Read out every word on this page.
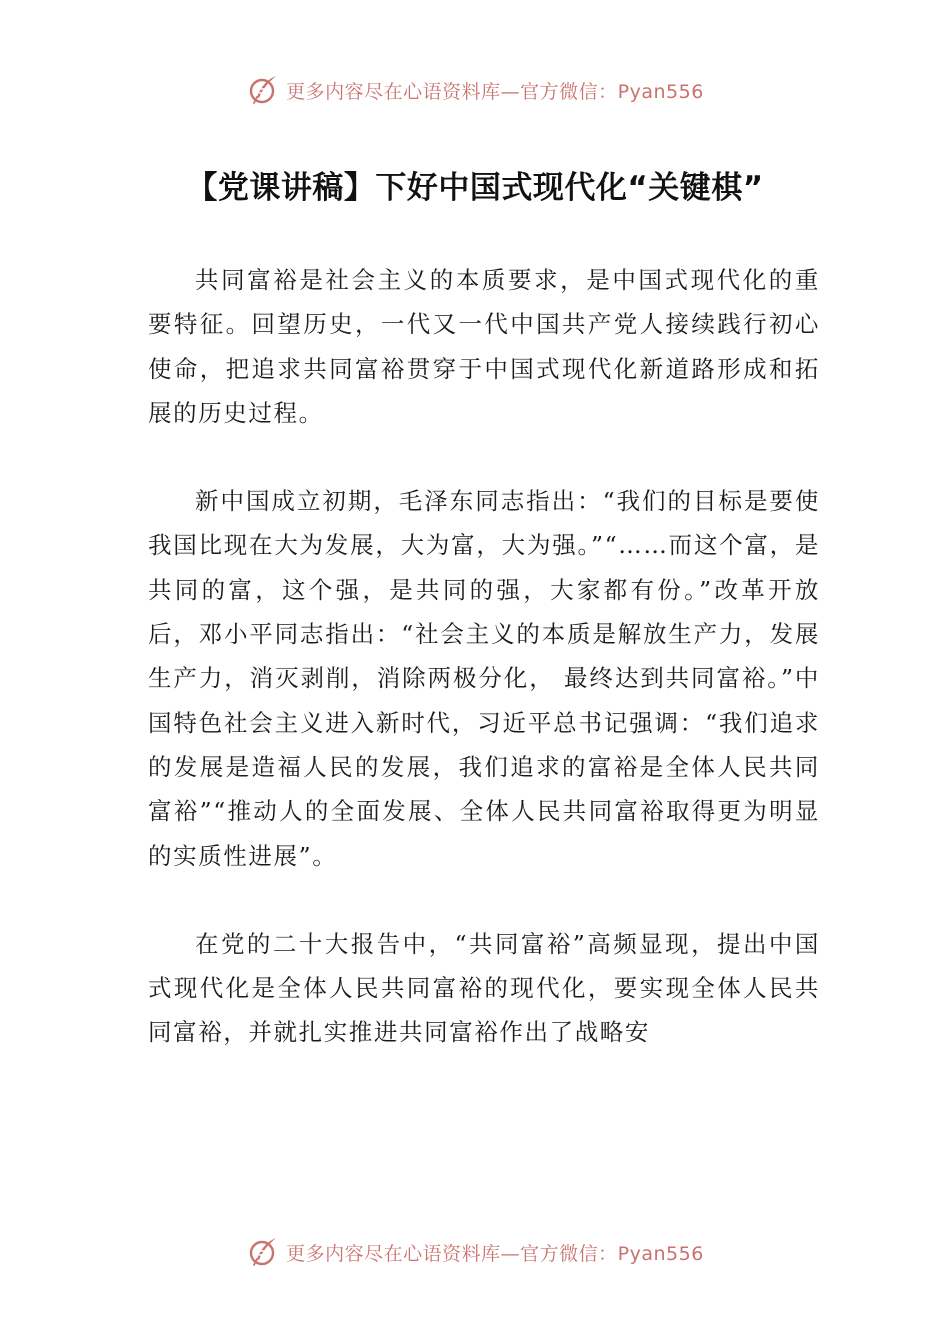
更多内容尽在心语资料库—官方微信：Pyan556
【党课讲稿】下好中国式现代化“关键棋”

共同富裕是社会主义的本质要求，是中国式现代化的重要特征。回望历史，一代又一代中国共产党人接续践行初心使命，把追求共同富裕贯穿于中国式现代化新道路形成和拓展的历史过程。

新中国成立初期，毛泽东同志指出：“我们的目标是要使我国比现在大为发展，大为富，大为强。”“……而这个富，是共同的富，这个强，是共同的强，大家都有份。”改革开放后，邓小平同志指出：“社会主义的本质是解放生产力，发展生产力，消灭剥削，消除两极分化， 最终达到共同富裕。”中国特色社会主义进入新时代，习近平总书记强调：“我们追求的发展是造福人民的发展，我们追求的富裕是全体人民共同富裕”“推动人的全面发展、全体人民共同富裕取得更为明显的实质性进展”。

在党的二十大报告中，“共同富裕”高频显现，提出中国式现代化是全体人民共同富裕的现代化，要实现全体人民共同富裕，并就扎实推进共同富裕作出了战略安

更多内容尽在心语资料库—官方微信：Pyan556
